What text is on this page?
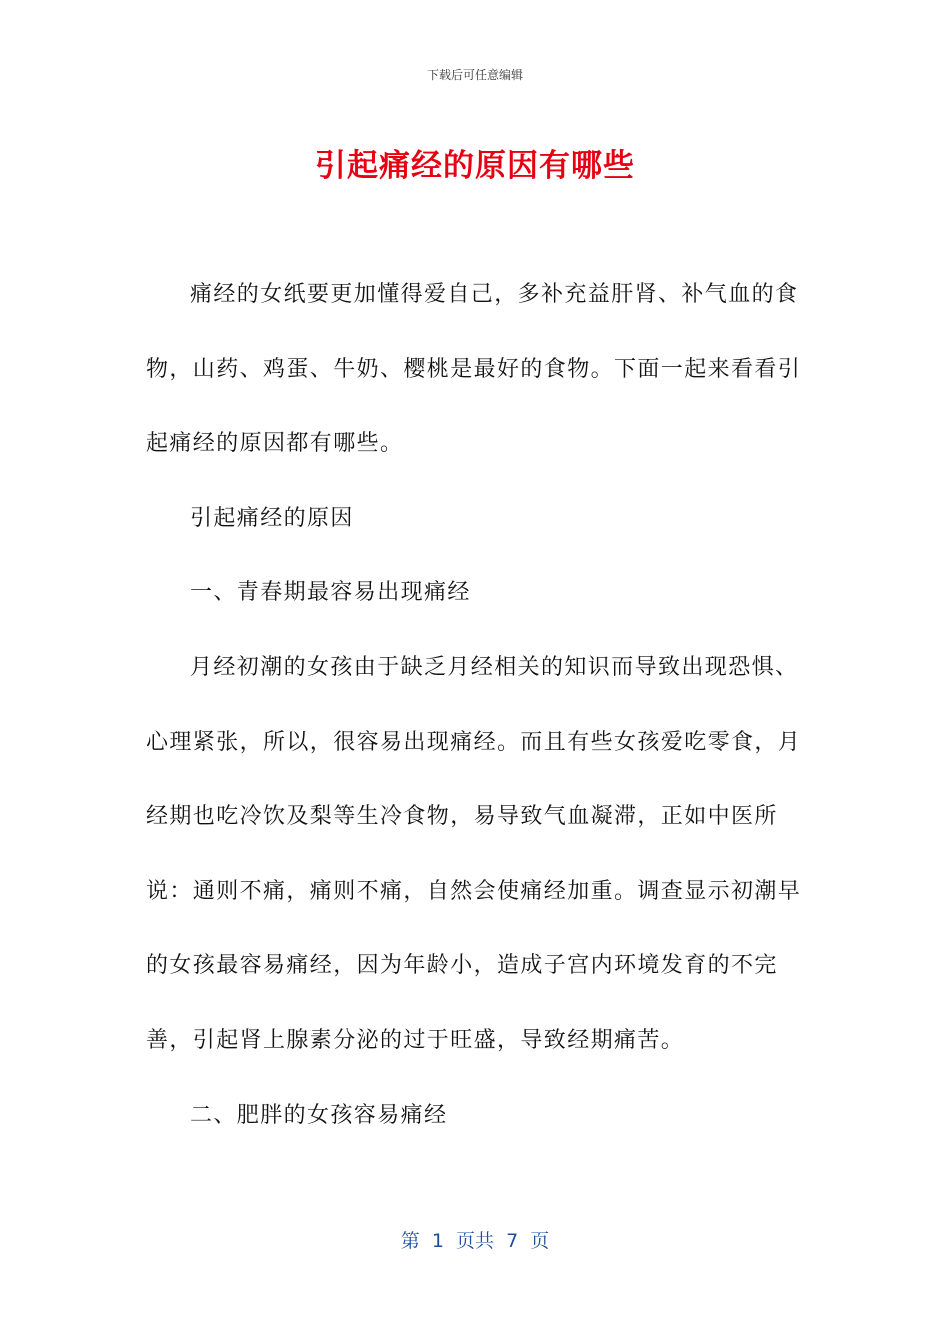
下载后可任意编辑
引起痛经的原因有哪些

痛经的女纸要更加懂得爱自己，多补充益肝肾、补气血的食物，山药、鸡蛋、牛奶、樱桃是最好的食物。下面一起来看看引起痛经的原因都有哪些。

引起痛经的原因

一、青春期最容易出现痛经

月经初潮的女孩由于缺乏月经相关的知识而导致出现恐惧、心理紧张，所以，很容易出现痛经。而且有些女孩爱吃零食，月经期也吃冷饮及梨等生冷食物，易导致气血凝滞，正如中医所说：通则不痛，痛则不痛，自然会使痛经加重。调查显示初潮早的女孩最容易痛经，因为年龄小，造成子宫内环境发育的不完善，引起肾上腺素分泌的过于旺盛，导致经期痛苦。

二、肥胖的女孩容易痛经

第  1  页共  7  页
